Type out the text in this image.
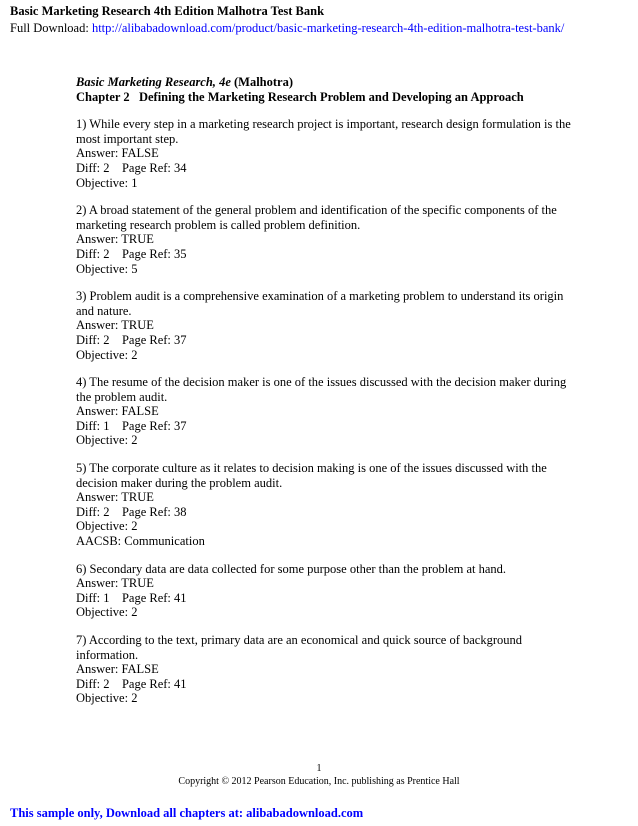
Basic Marketing Research 4th Edition Malhotra Test Bank
Full Download: http://alibabadownload.com/product/basic-marketing-research-4th-edition-malhotra-test-bank/

Basic Marketing Research, 4e (Malhotra)

Chapter 2   Defining the Marketing Research Problem and Developing an Approach

1) While every step in a marketing research project is important, research design formulation is the most important step.

Answer: FALSE

Diff: 2    Page Ref: 34

Objective: 1

2) A broad statement of the general problem and identification of the specific components of the marketing research problem is called problem definition.

Answer: TRUE

Diff: 2    Page Ref: 35

Objective: 5

3) Problem audit is a comprehensive examination of a marketing problem to understand its origin and nature.

Answer: TRUE

Diff: 2    Page Ref: 37

Objective: 2

4) The resume of the decision maker is one of the issues discussed with the decision maker during the problem audit.

Answer: FALSE

Diff: 1    Page Ref: 37

Objective: 2

5) The corporate culture as it relates to decision making is one of the issues discussed with the decision maker during the problem audit.

Answer: TRUE

Diff: 2    Page Ref: 38

Objective: 2

AACSB: Communication

6) Secondary data are data collected for some purpose other than the problem at hand.

Answer: TRUE

Diff: 1    Page Ref: 41

Objective: 2

7) According to the text, primary data are an economical and quick source of background information.

Answer: FALSE

Diff: 2    Page Ref: 41

Objective: 2

1
Copyright © 2012 Pearson Education, Inc. publishing as Prentice Hall
This sample only, Download all chapters at: alibabadownload.com
